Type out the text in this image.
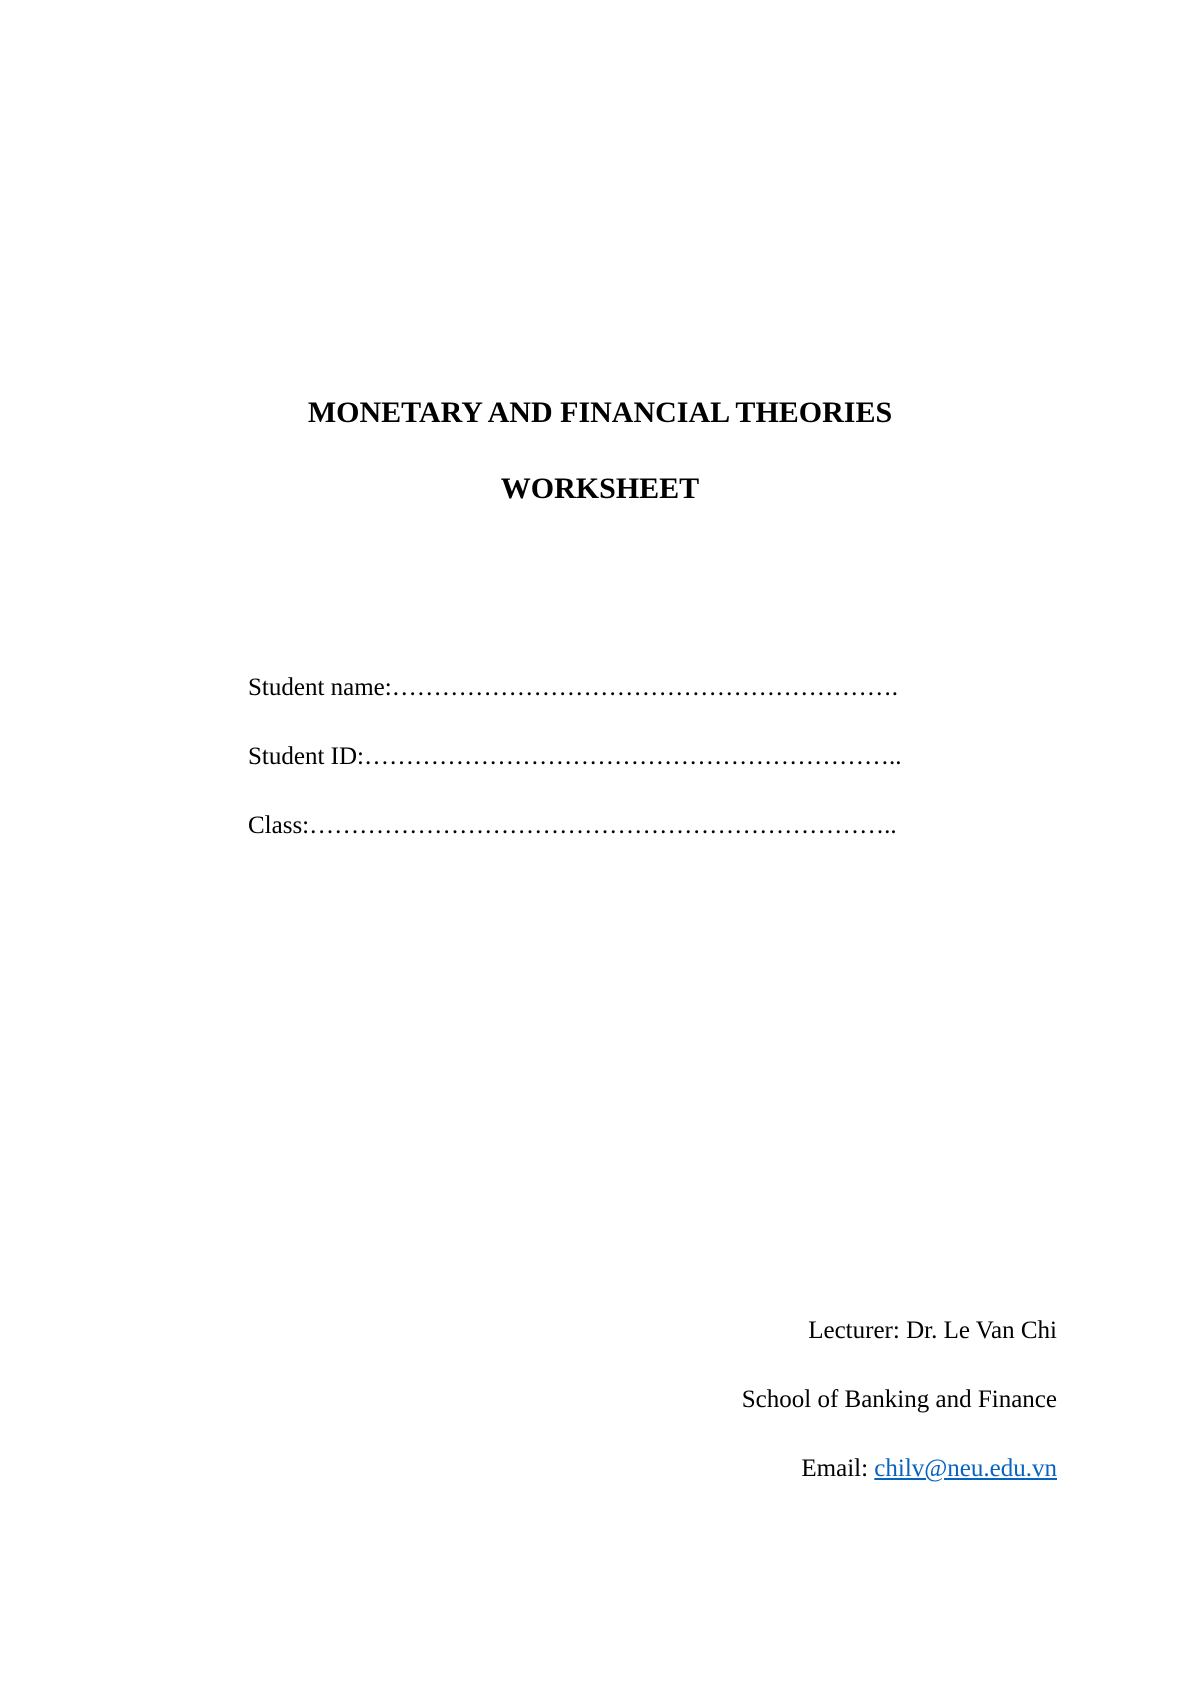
MONETARY AND FINANCIAL THEORIES
WORKSHEET
Student name:…………………………………………………….
Student ID:………………………………………………………..
Class:……………………………………………………………..
Lecturer: Dr. Le Van Chi
School of Banking and Finance
Email: chilv@neu.edu.vn
